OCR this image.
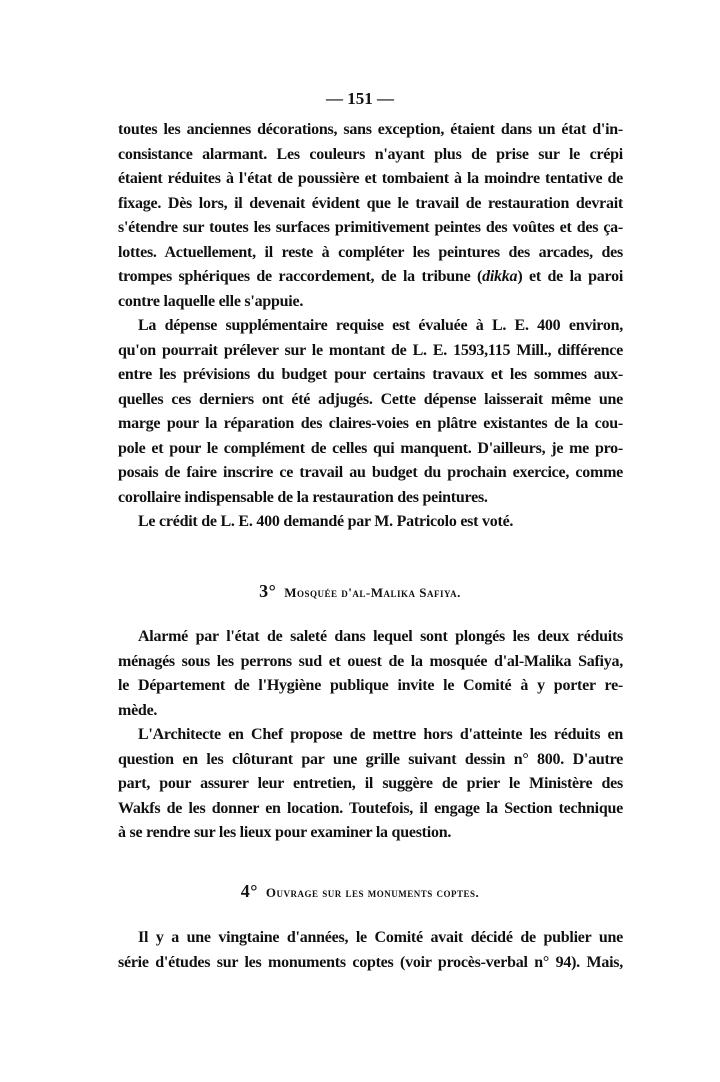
— 151 —
toutes les anciennes décorations, sans exception, étaient dans un état d'in-
consistance alarmant. Les couleurs n'ayant plus de prise sur le crépi
étaient réduites à l'état de poussière et tombaient à la moindre tentative de
fixage. Dès lors, il devenait évident que le travail de restauration devrait
s'étendre sur toutes les surfaces primitivement peintes des voûtes et des ça-
lottes. Actuellement, il reste à compléter les peintures des arcades, des
trompes sphériques de raccordement, de la tribune (dikka) et de la paroi
contre laquelle elle s'appuie.
La dépense supplémentaire requise est évaluée à L. E. 400 environ,
qu'on pourrait prélever sur le montant de L. E. 1593,115 Mill., différence
entre les prévisions du budget pour certains travaux et les sommes aux-
quelles ces derniers ont été adjugés. Cette dépense laisserait même une
marge pour la réparation des claires-voies en plâtre existantes de la cou-
pole et pour le complément de celles qui manquent. D'ailleurs, je me pro-
posais de faire inscrire ce travail au budget du prochain exercice, comme
corollaire indispensable de la restauration des peintures.
Le crédit de L. E. 400 demandé par M. Patricolo est voté.
3° Mosquée d'al-Malika Safiya.
Alarmé par l'état de saleté dans lequel sont plongés les deux réduits
ménagés sous les perrons sud et ouest de la mosquée d'al-Malika Safiya,
le Département de l'Hygiène publique invite le Comité à y porter re-
mède.
L'Architecte en Chef propose de mettre hors d'atteinte les réduits en
question en les clôturant par une grille suivant dessin n° 800. D'autre
part, pour assurer leur entretien, il suggère de prier le Ministère des
Wakfs de les donner en location. Toutefois, il engage la Section technique
à se rendre sur les lieux pour examiner la question.
4° Ouvrage sur les monuments coptes.
Il y a une vingtaine d'années, le Comité avait décidé de publier une
série d'études sur les monuments coptes (voir procès-verbal n° 94). Mais,
